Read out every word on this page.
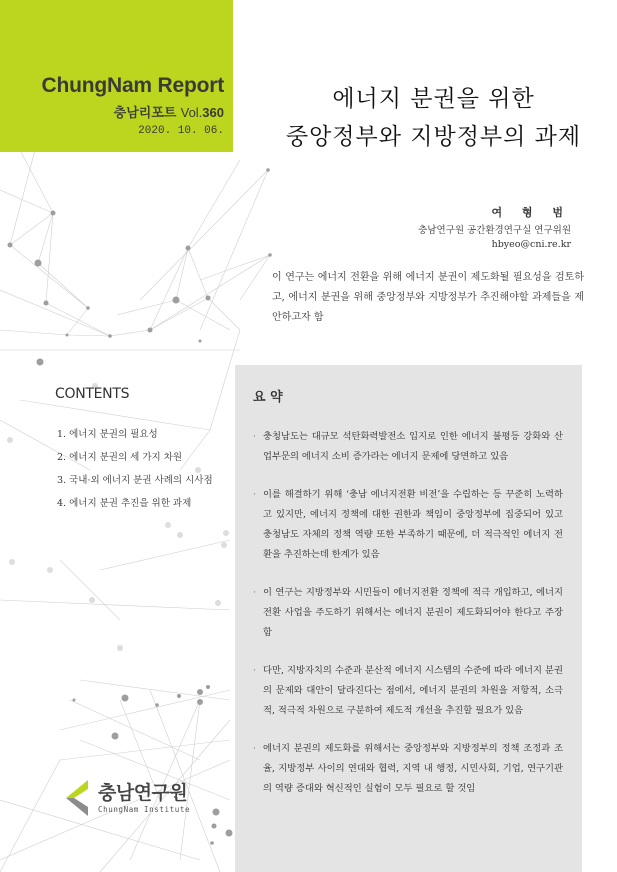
ChungNam Report
충남리포트 Vol.360
2020. 10. 06.
에너지 분권을 위한
중앙정부와 지방정부의 과제
여 형 범
충남연구원 공간환경연구실 연구위원
hbyeo@cni.re.kr
이 연구는 에너지 전환을 위해 에너지 분권이 제도화될 필요성을 검토하고, 에너지 분권을 위해 중앙정부와 지방정부가 추진해야할 과제들을 제안하고자 함
CONTENTS
1. 에너지 분권의 필요성
2. 에너지 분권의 세 가지 차원
3. 국내·외 에너지 분권 사례의 시사점
4. 에너지 분권 추진을 위한 과제
요 약
· 충청남도는 대규모 석탄화력발전소 입지로 인한 에너지 불평등 강화와 산업부문의 에너지 소비 증가라는 에너지 문제에 당면하고 있음
· 이를 해결하기 위해 ‘충남 에너지전환 비전’을 수립하는 등 꾸준히 노력하고 있지만, 에너지 정책에 대한 권한과 책임이 중앙정부에 집중되어 있고 충청남도 자체의 정책 역량 또한 부족하기 때문에, 더 적극적인 에너지 전환을 추진하는데 한계가 있음
· 이 연구는 지방정부와 시민들이 에너지전환 정책에 적극 개입하고, 에너지전환 사업을 주도하기 위해서는 에너지 분권이 제도화되어야 한다고 주장함
· 다만, 지방자치의 수준과 분산적 에너지 시스템의 수준에 따라 에너지 분권의 문제와 대안이 달라진다는 점에서, 에너지 분권의 차원을 저항적, 소극적, 적극적 차원으로 구분하여 제도적 개선을 추진할 필요가 있음
· 에너지 분권의 제도화를 위해서는 중앙정부와 지방정부의 정책 조정과 조율, 지방정부 사이의 연대와 협력, 지역 내 행정, 시민사회, 기업, 연구기관의 역량 증대와 혁신적인 실험이 모두 필요로 할 것임
충남연구원
ChungNam Institute
